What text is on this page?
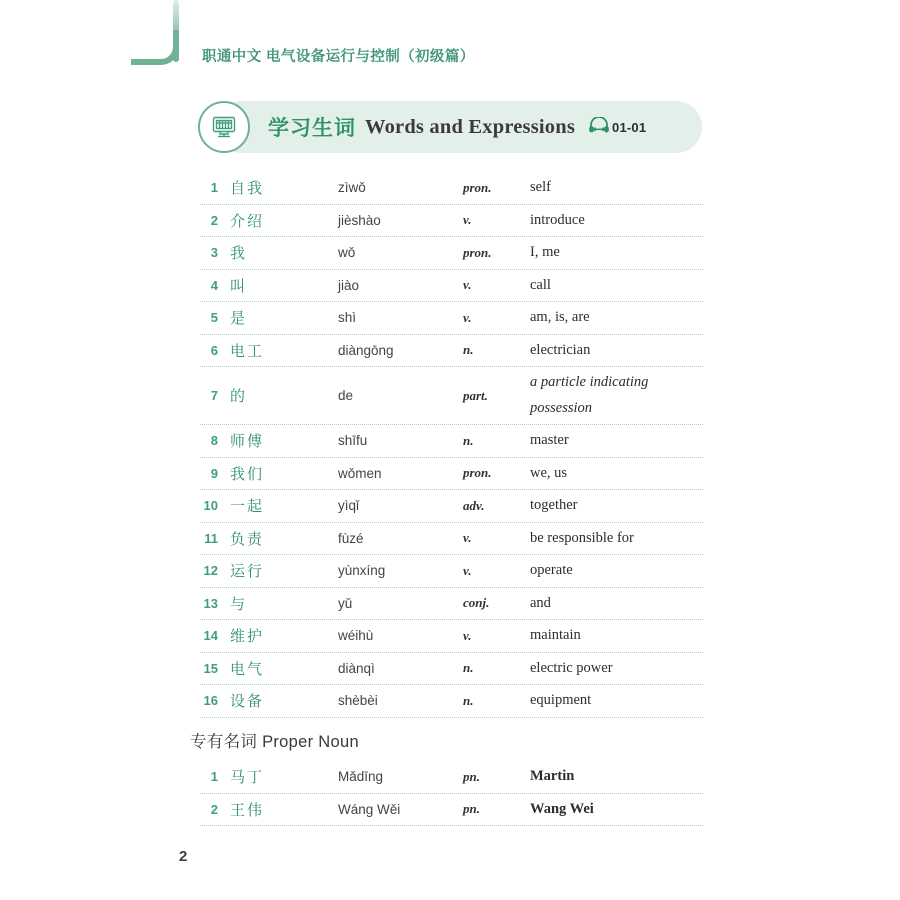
职通中文 电气设备运行与控制（初级篇）
学习生词 Words and Expressions	01-01
1 自我	zìwǒ	pron.	self
2 介绍	jièshào	v.	introduce
3 我	wǒ	pron.	I, me
4 叫	jiào	v.	call
5 是	shì	v.	am, is, are
6 电工	diàngōng	n.	electrician
7 的	de	part.
a particle indicating possession
8 师傅	shīfu	n.	master
9 我们	wǒmen	pron.	we, us
10 一起	yìqǐ	adv.	together
11 负责	fùzé	v.	be responsible for
12 运行	yùnxíng	v.	operate
13 与	yǔ	conj.	and
14 维护	wéihù	v.	maintain
15 电气	diànqì	n.	electric power
16 设备	shèbèi	n.	equipment
专有名词 Proper Noun
1 马丁	Mǎdīng	pn.	Martin
2 王伟	Wáng Wěi	pn.	Wang Wei
2
